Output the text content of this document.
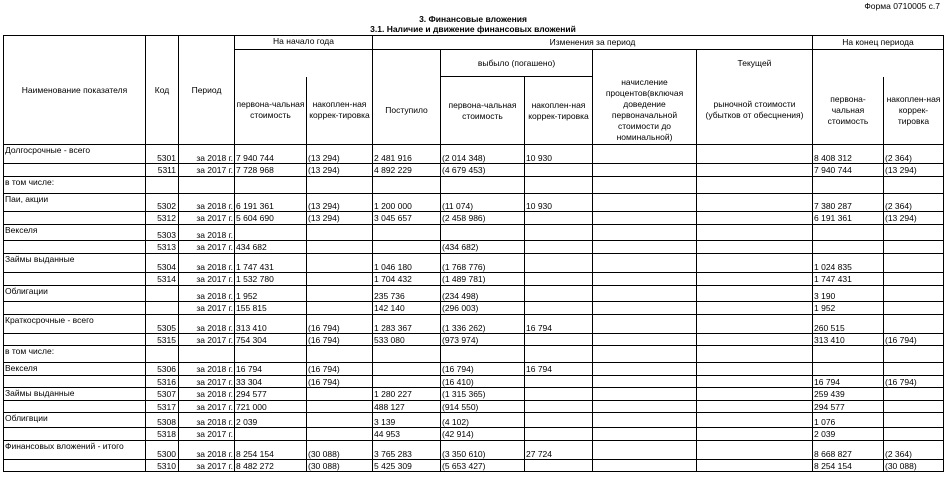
Форма 0710005 с.7
3. Финансовые вложения
3.1. Наличие и движение финансовых вложений
Наименование показателя	Код	Период	На начало года		Изменения за период					На конец периода	
						выбыло (погашено)			Текущей		
			первона-чальная стоимость	накоплен-ная коррек-тировка	Поступило	первона-чальная стоимость	накоплен-ная коррек-тировка	начисление процентов(включая доведение первоначальной стоимости до номинальной)	рыночной стоимости (убытков от обесцнения)	первона-чальная стоимость	накоплен-ная коррек-тировка
Долгосрочные - всего	5301	за 2018 г.	7 940 744	(13 294)	2 481 916	(2 014 348)	10 930			8 408 312	(2 364)
	5311	за 2017 г.	7 728 968	(13 294)	4 892 229	(4 679 453)				7 940 744	(13 294)
в том числе:											
Паи, акции	5302	за 2018 г.	6 191 361	(13 294)	1 200 000	(11 074)	10 930			7 380 287	(2 364)
	5312	за 2017 г.	5 604 690	(13 294)	3 045 657	(2 458 986)				6 191 361	(13 294)
Векселя	5303	за 2018 г.									
	5313	за 2017 г.	434 682			(434 682)					
Займы выданные	5304	за 2018 г.	1 747 431		1 046 180	(1 768 776)				1 024 835	
	5314	за 2017 г.	1 532 780		1 704 432	(1 489 781)				1 747 431	
Облигации		за 2018 г.	1 952		235 736	(234 498)				3 190	
		за 2017 г.	155 815		142 140	(296 003)				1 952	
Краткосрочные - всего	5305	за 2018 г.	313 410	(16 794)	1 283 367	(1 336 262)	16 794			260 515	
	5315	за 2017 г.	754 304	(16 794)	533 080	(973 974)				313 410	(16 794)
в том числе:											
Векселя	5306	за 2018 г.	16 794	(16 794)		(16 794)	16 794				
	5316	за 2017 г.	33 304	(16 794)		(16 410)				16 794	(16 794)
Займы выданные	5307	за 2018 г.	294 577		1 280 227	(1 315 365)				259 439	
	5317	за 2017 г.	721 000		488 127	(914 550)				294 577	
Облигвции	5308	за 2018 г.	2 039		3 139	(4 102)				1 076	
	5318	за 2017 г.			44 953	(42 914)				2 039	
Финансовых вложений - итого	5300	за 2018 г.	8 254 154	(30 088)	3 765 283	(3 350 610)	27 724			8 668 827	(2 364)
	5310	за 2017 г.	8 482 272	(30 088)	5 425 309	(5 653 427)				8 254 154	(30 088)
